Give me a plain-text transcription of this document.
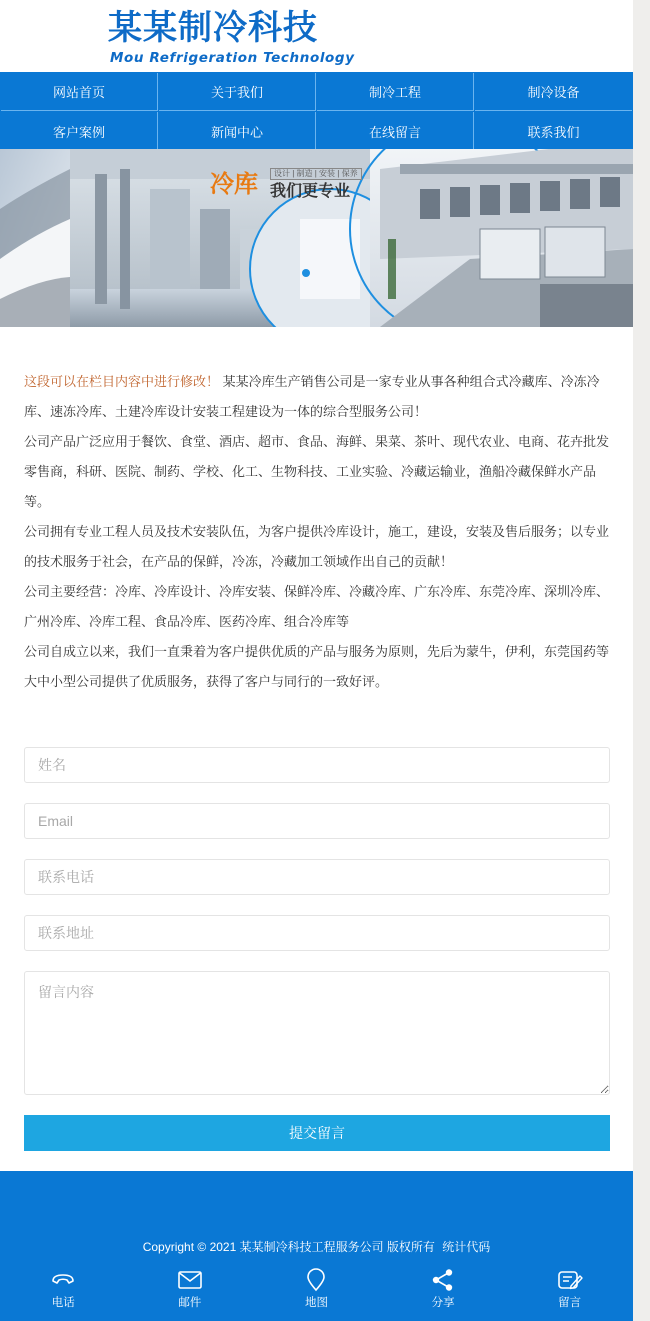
某某制冷科技
Mou Refrigeration Technology
网站首页	关于我们	制冷工程	制冷设备
客户案例	新闻中心	在线留言	联系我们
冷库	设计 | 制造 | 安装 | 保养
我们更专业

这段可以在栏目内容中进行修改！ 某某冷库生产销售公司是一家专业从事各种组合式冷藏库、冷冻冷库、速冻冷库、土建冷库设计安装工程建设为一体的综合型服务公司！

公司产品广泛应用于餐饮、食堂、酒店、超市、食品、海鲜、果菜、茶叶、现代农业、电商、花卉批发零售商，科研、医院、制药、学校、化工、生物科技、工业实验、冷藏运输业，渔船冷藏保鲜水产品等。

公司拥有专业工程人员及技术安装队伍，为客户提供冷库设计，施工，建设，安装及售后服务；以专业的技术服务于社会，在产品的保鲜，冷冻，冷藏加工领域作出自己的贡献！

公司主要经营：冷库、冷库设计、冷库安装、保鲜冷库、冷藏冷库、广东冷库、东莞冷库、深圳冷库、广州冷库、冷库工程、食品冷库、医药冷库、组合冷库等

公司自成立以来，我们一直秉着为客户提供优质的产品与服务为原则，先后为蒙牛，伊利，东莞国药等大中小型公司提供了优质服务，获得了客户与同行的一致好评。

姓名
Email
联系电话
联系地址
留言内容
提交留言
Copyright © 2021 某某制冷科技工程服务公司 版权所有 统计代码
电话	邮件	地图	分享	留言
